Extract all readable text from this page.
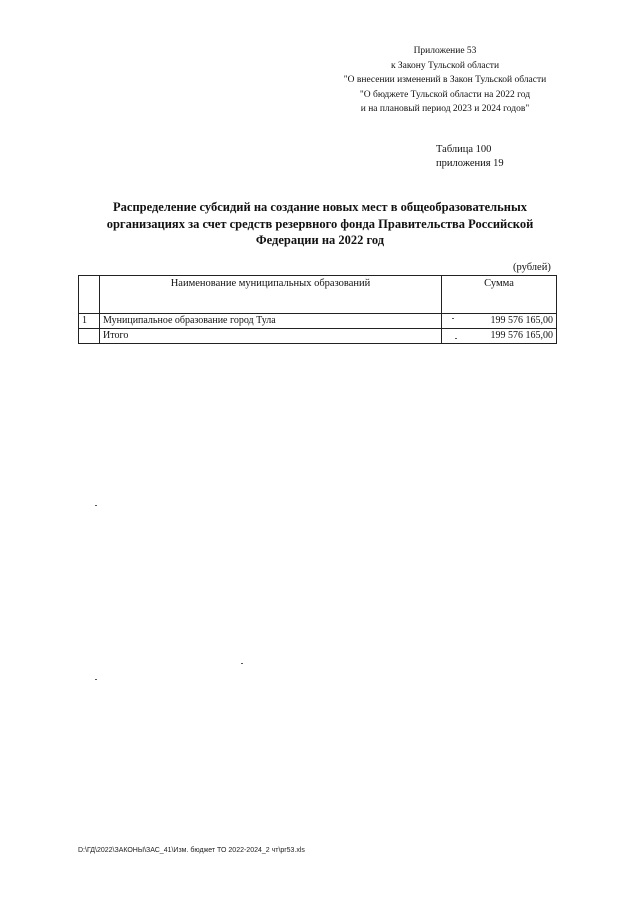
Приложение 53
к Закону Тульской области
"О внесении изменений в Закон Тульской области
"О бюджете Тульской области на 2022 год
и на плановый период 2023 и 2024 годов"
Таблица 100
приложения 19
Распределение субсидий на создание новых мест в общеобразовательных
организациях за счет средств резервного фонда Правительства Российской
Федерации на 2022 год
(рублей)
	Наименование муниципальных образований	Сумма
1	Муниципальное образование город Тула	199 576 165,00
	Итого	199 576 165,00
D:\ГД\2022\ЗАКОНЫ\ЗАС_41\Изм. бюджет ТО 2022-2024_2 чт\pr53.xls
